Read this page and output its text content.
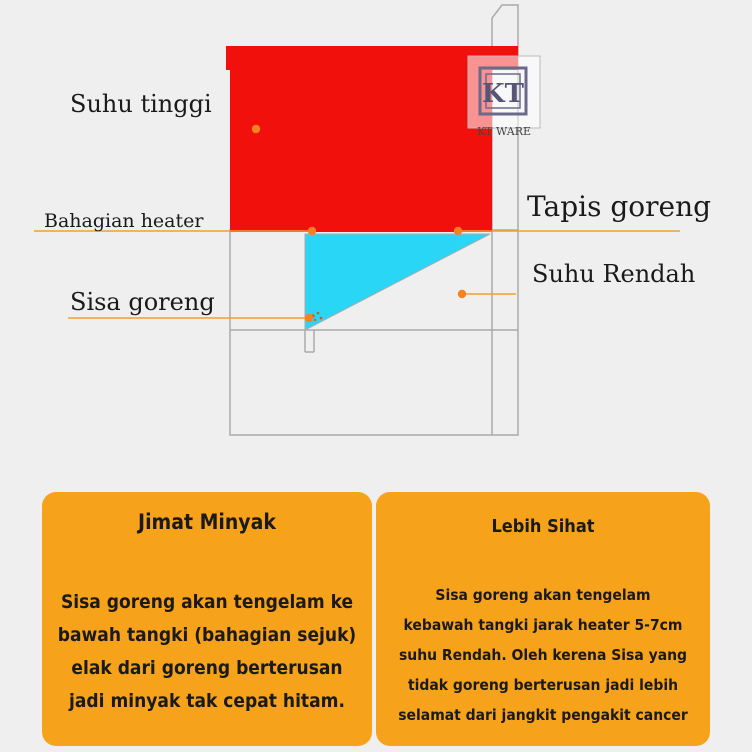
KT
KT WARE
Suhu tinggi
Bahagian heater	Tapis goreng
Suhu Rendah
Sisa goreng
Jimat Minyak
Sisa goreng akan tengelam ke
bawah tangki (bahagian sejuk)
elak dari goreng berterusan
jadi minyak tak cepat hitam.
Lebih Sihat
Sisa goreng akan tengelam
kebawah tangki jarak heater 5-7cm
suhu Rendah. Oleh kerena Sisa yang
tidak goreng berterusan jadi lebih
selamat dari jangkit pengakit cancer
